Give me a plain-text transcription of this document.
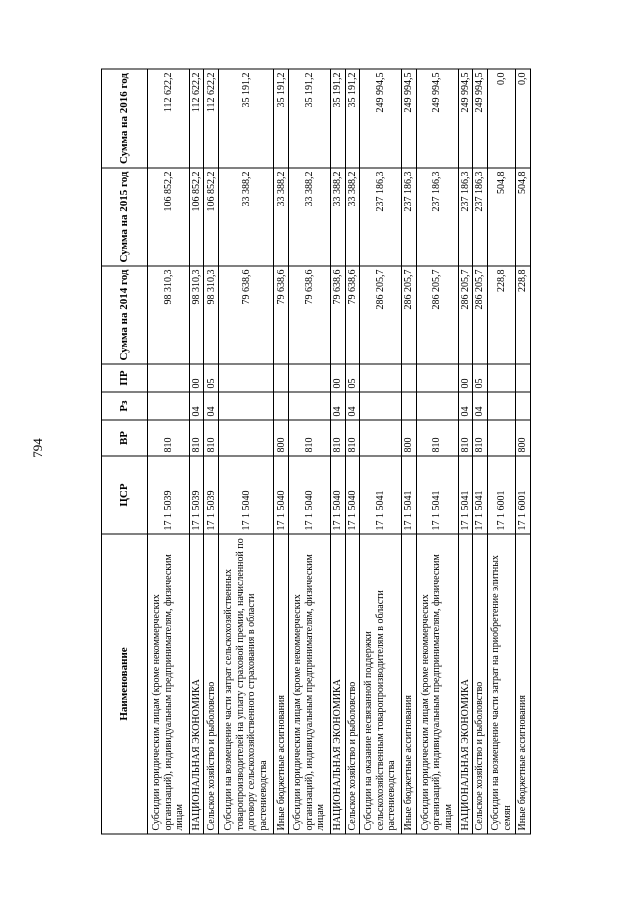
794
Наименование	ЦСР	ВР	Рз	ПР	Сумма на 2014 год	Сумма на 2015 год	Сумма на 2016 год
Субсидии юридическим лицам (кроме некоммерческих организаций), индивидуальным предпринимателям, физическим лицам	17 1 5039	810			98 310,3	106 852,2	112 622,2
НАЦИОНАЛЬНАЯ ЭКОНОМИКА	17 1 5039	810	04	00	98 310,3	106 852,2	112 622,2
Сельское хозяйство и рыболовство	17 1 5039	810	04	05	98 310,3	106 852,2	112 622,2
Субсидии на возмещение части затрат сельскохозяйственных товаропроизводителей на уплату страховой премии, начисленной по договору сельскохозяйственного страхования в области растениеводства	17 1 5040				79 638,6	33 388,2	35 191,2
Иные бюджетные ассигнования	17 1 5040	800			79 638,6	33 388,2	35 191,2
Субсидии юридическим лицам (кроме некоммерческих организаций), индивидуальным предпринимателям, физическим лицам	17 1 5040	810			79 638,6	33 388,2	35 191,2
НАЦИОНАЛЬНАЯ ЭКОНОМИКА	17 1 5040	810	04	00	79 638,6	33 388,2	35 191,2
Сельское хозяйство и рыболовство	17 1 5040	810	04	05	79 638,6	33 388,2	35 191,2
Субсидии на оказание несвязанной поддержки сельскохозяйственным товаропроизводителям в области растениеводства	17 1 5041				286 205,7	237 186,3	249 994,5
Иные бюджетные ассигнования	17 1 5041	800			286 205,7	237 186,3	249 994,5
Субсидии юридическим лицам (кроме некоммерческих организаций), индивидуальным предпринимателям, физическим лицам	17 1 5041	810			286 205,7	237 186,3	249 994,5
НАЦИОНАЛЬНАЯ ЭКОНОМИКА	17 1 5041	810	04	00	286 205,7	237 186,3	249 994,5
Сельское хозяйство и рыболовство	17 1 5041	810	04	05	286 205,7	237 186,3	249 994,5
Субсидии на возмещение части затрат на приобретение элитных семян	17 1 6001				228,8	504,8	0,0
Иные бюджетные ассигнования	17 1 6001	800			228,8	504,8	0,0
